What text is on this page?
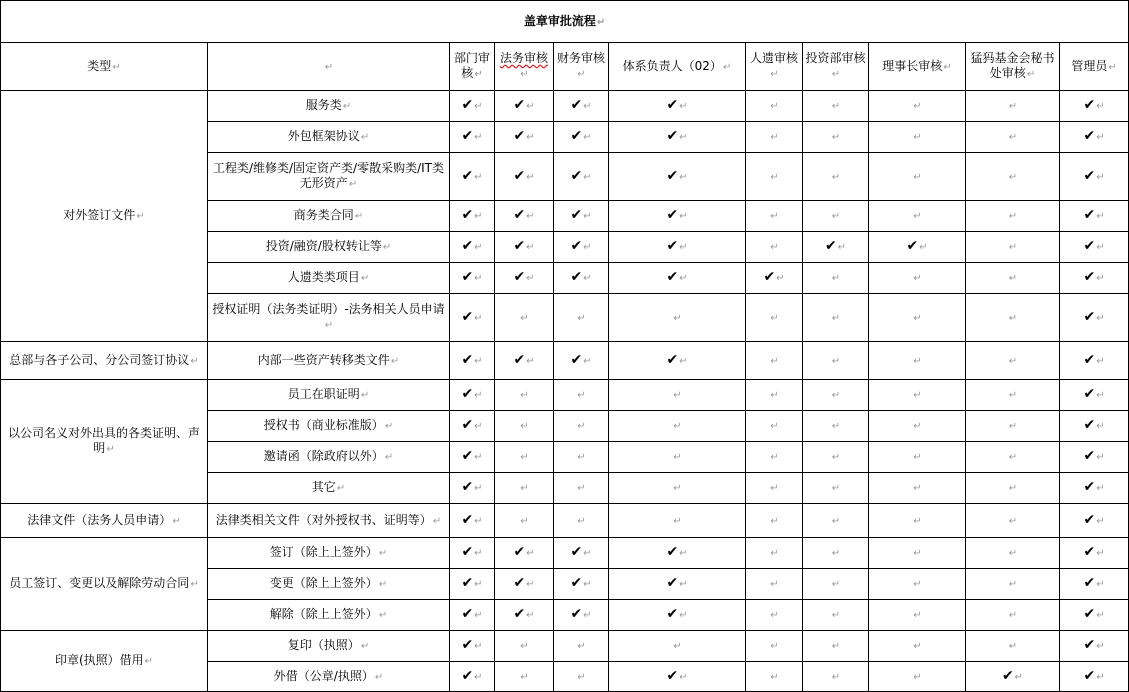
盖章审批流程↵										
类型↵	↵	部门审核↵	法务审核↵	财务审核↵	体系负责人（02）↵	人遗审核↵	投资部审核↵	理事长审核↵	猛犸基金会秘书处审核↵	管理员↵
对外签订文件↵	服务类↵	✔↵	✔↵	✔↵	✔↵	↵	↵	↵	↵	✔↵
	外包框架协议↵	✔↵	✔↵	✔↵	✔↵	↵	↵	↵	↵	✔↵
	工程类/维修类/固定资产类/零散采购类/IT类无形资产↵	✔↵	✔↵	✔↵	✔↵	↵	↵	↵	↵	✔↵
	商务类合同↵	✔↵	✔↵	✔↵	✔↵	↵	↵	↵	↵	✔↵
	投资/融资/股权转让等↵	✔↵	✔↵	✔↵	✔↵	↵	✔↵	✔↵	↵	✔↵
	人遗类类项目↵	✔↵	✔↵	✔↵	✔↵	✔↵	↵	↵	↵	✔↵
	授权证明（法务类证明）-法务相关人员申请↵	✔↵	↵	↵	↵	↵	↵	↵	↵	✔↵
总部与各子公司、分公司签订协议↵	内部一些资产转移类文件↵	✔↵	✔↵	✔↵	✔↵	↵	↵	↵	↵	✔↵
以公司名义对外出具的各类证明、声明↵	员工在职证明↵	✔↵	↵	↵	↵	↵	↵	↵	↵	✔↵
	授权书（商业标准版）↵	✔↵	↵	↵	↵	↵	↵	↵	↵	✔↵
	邀请函（除政府以外）↵	✔↵	↵	↵	↵	↵	↵	↵	↵	✔↵
	其它↵	✔↵	↵	↵	↵	↵	↵	↵	↵	✔↵
法律文件（法务人员申请）↵	法律类相关文件（对外授权书、证明等）↵	✔↵	↵	↵	↵	↵	↵	↵	↵	✔↵
员工签订、变更以及解除劳动合同↵	签订（除上上签外）↵	✔↵	✔↵	✔↵	✔↵	↵	↵	↵	↵	✔↵
	变更（除上上签外）↵	✔↵	✔↵	✔↵	✔↵	↵	↵	↵	↵	✔↵
	解除（除上上签外）↵	✔↵	✔↵	✔↵	✔↵	↵	↵	↵	↵	✔↵
印章(执照）借用↵	复印（执照）↵	✔↵	↵	↵	↵	↵	↵	↵	↵	✔↵
	外借（公章/执照）↵	✔↵	↵	↵	✔↵	↵	↵	↵	✔↵	✔↵
